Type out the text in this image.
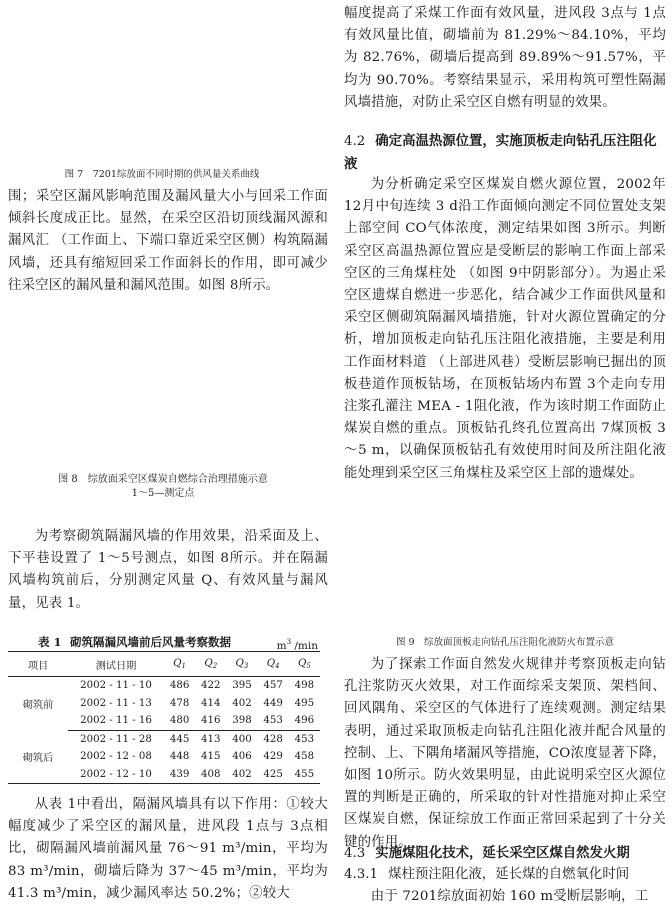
图 7　7201综放面不同时期的供风量关系曲线

围；采空区漏风影响范围及漏风量大小与回采工作面倾斜长度成正比。显然，在采空区沿切顶线漏风源和漏风汇 （工作面上、下端口靠近采空区侧）构筑隔漏风墙，还具有缩短回采工作面斜长的作用，即可减少往采空区的漏风量和漏风范围。如图 8所示。

图 8　综放面采空区煤炭自燃综合治理措施示意
1～5—测定点

为考察砌筑隔漏风墙的作用效果，沿采面及上、下平巷设置了 1～5号测点，如图 8所示。并在隔漏风墙构筑前后，分别测定风量 Q、有效风量与漏风量，见表 1。

表 1 砌筑隔漏风墙前后风量考察数据	$m^3$ /min
项目	测试日期	$Q_1$	$Q_2$	$Q_3$	$Q_4$	$Q_5$
砌筑前	2002 - 11 - 10	486	422	395	457	498
	2002 - 11 - 13	478	414	402	449	495
	2002 - 11 - 16	480	416	398	453	496
砌筑后	2002 - 11 - 28	445	413	400	428	453
	2002 - 12 - 08	448	415	406	429	458
	2002 - 12 - 10	439	408	402	425	455

从表 1中看出，隔漏风墙具有以下作用：①较大幅度减少了采空区的漏风量，进风段 1点与 3点相比，砌隔漏风墙前漏风量 76～91 m³/min，平均为 83 m³/min，砌墙后降为 37～45 m³/min，平均为 41.3 m³/min，减少漏风率达 50.2%；②较大

幅度提高了采煤工作面有效风量，进风段 3点与 1点有效风量比值，砌墙前为 81.29%～84.10%，平均为 82.76%，砌墙后提高到 89.89%～91.57%，平均为 90.70%。考察结果显示，采用构筑可塑性隔漏风墙措施，对防止采空区自燃有明显的效果。

4.2 确定高温热源位置，实施顶板走向钻孔压注阻化液

为分析确定采空区煤炭自燃火源位置，2002年 12月中旬连续 3 d沿工作面倾向测定不同位置处支架上部空间 CO气体浓度，测定结果如图 3所示。判断采空区高温热源位置应是受断层的影响工作面上部采空区的三角煤柱处 （如图 9中阴影部分）。为遏止采空区遗煤自燃进一步恶化，结合减少工作面供风量和采空区侧砌筑隔漏风墙措施，针对火源位置确定的分析，增加顶板走向钻孔压注阻化液措施，主要是利用工作面材料道 （上部进风巷）受断层影响已掘出的顶板巷道作顶板钻场，在顶板钻场内布置 3个走向专用注浆孔灌注 MEA - 1阻化液，作为该时期工作面防止煤炭自燃的重点。顶板钻孔终孔位置高出 7煤顶板 3～5 m，以确保顶板钻孔有效使用时间及所注阻化液能处理到采空区三角煤柱及采空区上部的遗煤处。

图 9　综放面顶板走向钻孔压注阻化液防火布置示意

为了探索工作面自然发火规律并考察顶板走向钻孔注浆防灭火效果，对工作面综采支架顶、架档间、回风隅角、采空区的气体进行了连续观测。测定结果表明，通过采取顶板走向钻孔注阻化液并配合风量的控制、上、下隅角堵漏风等措施，CO浓度显著下降，如图 10所示。防火效果明显，由此说明采空区火源位置的判断是正确的，所采取的针对性措施对抑止采空区煤炭自燃，保证综放工作面正常回采起到了十分关键的作用。

4.3 实施煤阻化技术，延长采空区煤自然发火期

4.3.1 煤柱预注阻化液，延长煤的自燃氧化时间

由于 7201综放面初始 160 m受断层影响，工
